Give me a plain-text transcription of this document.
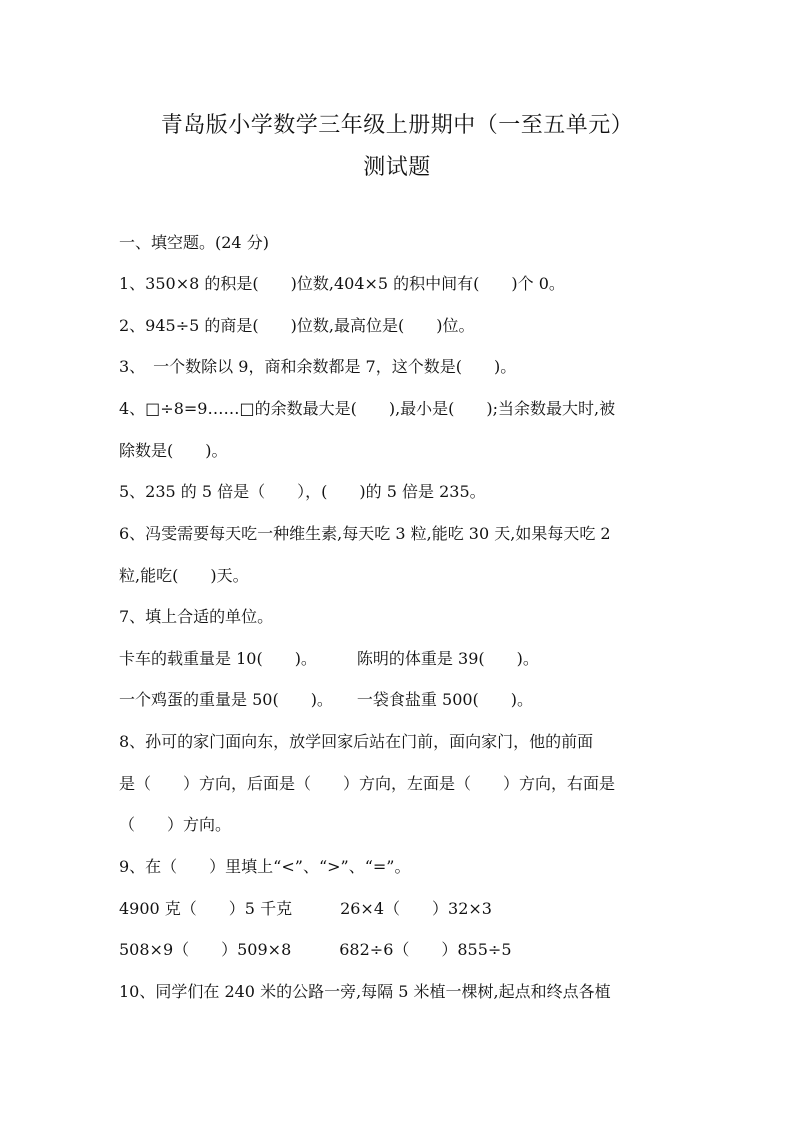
青岛版小学数学三年级上册期中（一至五单元）
测试题
一、填空题。(24 分)
1、350×8 的积是(　　)位数,404×5 的积中间有(　　)个 0。
2、945÷5 的商是(　　)位数,最高位是(　　)位。
3、　一个数除以 9，商和余数都是 7，这个数是(　　)。
4、□÷8=9……□的余数最大是(　　),最小是(　　);当余数最大时,被
除数是(　　)。
5、235 的 5 倍是（　　），(　　)的 5 倍是 235。
6、冯雯需要每天吃一种维生素,每天吃 3 粒,能吃 30 天,如果每天吃 2
粒,能吃(　　)天。
7、填上合适的单位。
卡车的载重量是 10(　　)。　　　陈明的体重是 39(　　)。
一个鸡蛋的重量是 50(　　)。　　一袋食盐重 500(　　)。
8、孙可的家门面向东，放学回家后站在门前，面向家门，他的前面
是（　　）方向，后面是（　　）方向，左面是（　　）方向，右面是
（　　）方向。
9、在（　　）里填上“<”、“>”、“=”。
4900 克（　　）5 千克　　　26×4（　　）32×3
508×9（　　）509×8　　　682÷6（　　）855÷5
10、同学们在 240 米的公路一旁,每隔 5 米植一棵树,起点和终点各植
